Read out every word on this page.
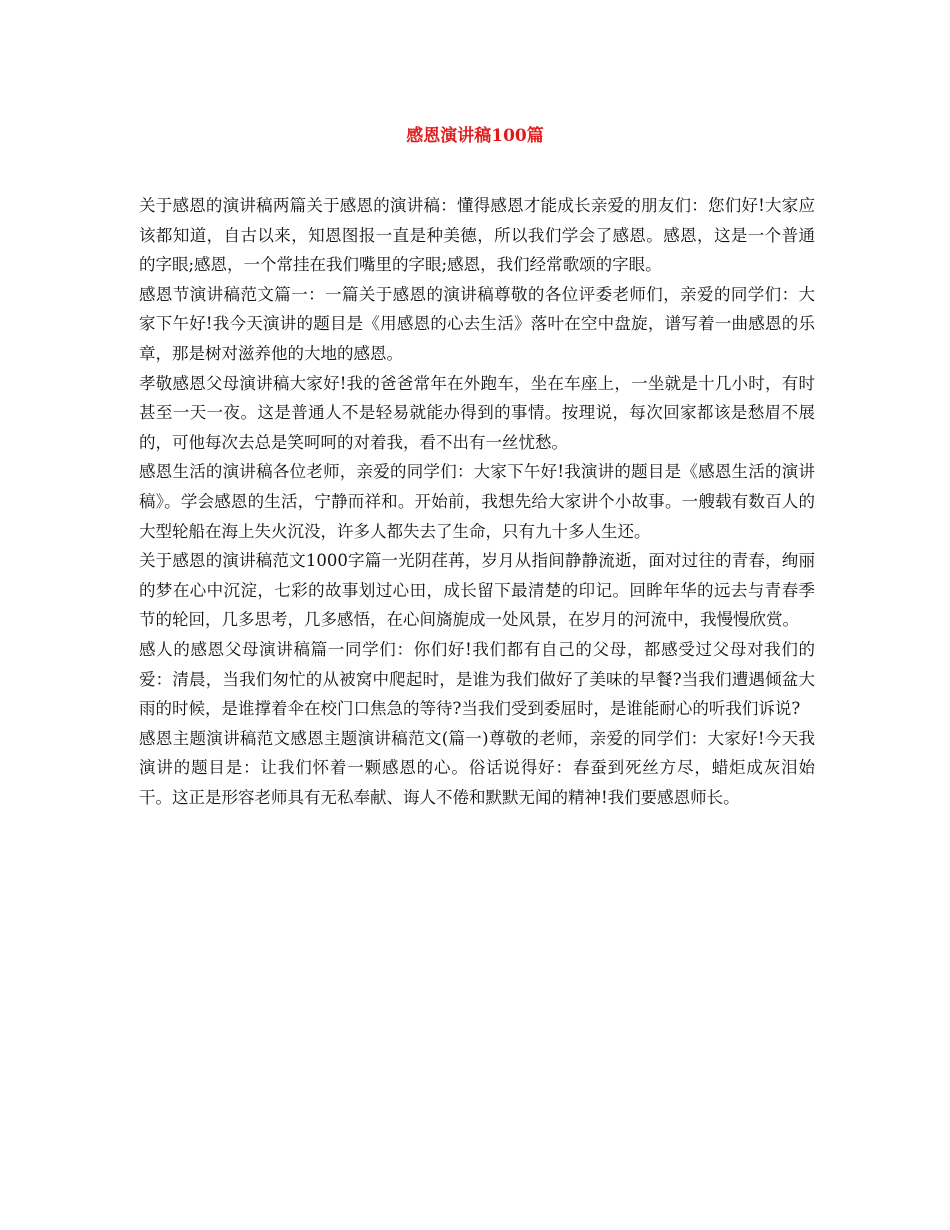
感恩演讲稿100篇

关于感恩的演讲稿两篇关于感恩的演讲稿：懂得感恩才能成长亲爱的朋友们：您们好!大家应该都知道，自古以来，知恩图报一直是种美德，所以我们学会了感恩。感恩，这是一个普通的字眼;感恩，一个常挂在我们嘴里的字眼;感恩，我们经常歌颂的字眼。

感恩节演讲稿范文篇一：一篇关于感恩的演讲稿尊敬的各位评委老师们，亲爱的同学们：大家下午好!我今天演讲的题目是《用感恩的心去生活》落叶在空中盘旋，谱写着一曲感恩的乐章，那是树对滋养他的大地的感恩。

孝敬感恩父母演讲稿大家好!我的爸爸常年在外跑车，坐在车座上，一坐就是十几小时，有时甚至一天一夜。这是普通人不是轻易就能办得到的事情。按理说，每次回家都该是愁眉不展的，可他每次去总是笑呵呵的对着我，看不出有一丝忧愁。

感恩生活的演讲稿各位老师，亲爱的同学们：大家下午好!我演讲的题目是《感恩生活的演讲稿》。学会感恩的生活，宁静而祥和。开始前，我想先给大家讲个小故事。一艘载有数百人的大型轮船在海上失火沉没，许多人都失去了生命，只有九十多人生还。

关于感恩的演讲稿范文1000字篇一光阴荏苒，岁月从指间静静流逝，面对过往的青春，绚丽的梦在心中沉淀，七彩的故事划过心田，成长留下最清楚的印记。回眸年华的远去与青春季节的轮回，几多思考，几多感悟，在心间旖旎成一处风景，在岁月的河流中，我慢慢欣赏。

感人的感恩父母演讲稿篇一同学们：你们好!我们都有自己的父母，都感受过父母对我们的爱：清晨，当我们匆忙的从被窝中爬起时，是谁为我们做好了美味的早餐?当我们遭遇倾盆大雨的时候，是谁撑着伞在校门口焦急的等待?当我们受到委屈时，是谁能耐心的听我们诉说?

感恩主题演讲稿范文感恩主题演讲稿范文(篇一)尊敬的老师，亲爱的同学们：大家好!今天我演讲的题目是：让我们怀着一颗感恩的心。俗话说得好：春蚕到死丝方尽，蜡炬成灰泪始干。这正是形容老师具有无私奉献、诲人不倦和默默无闻的精神!我们要感恩师长。
